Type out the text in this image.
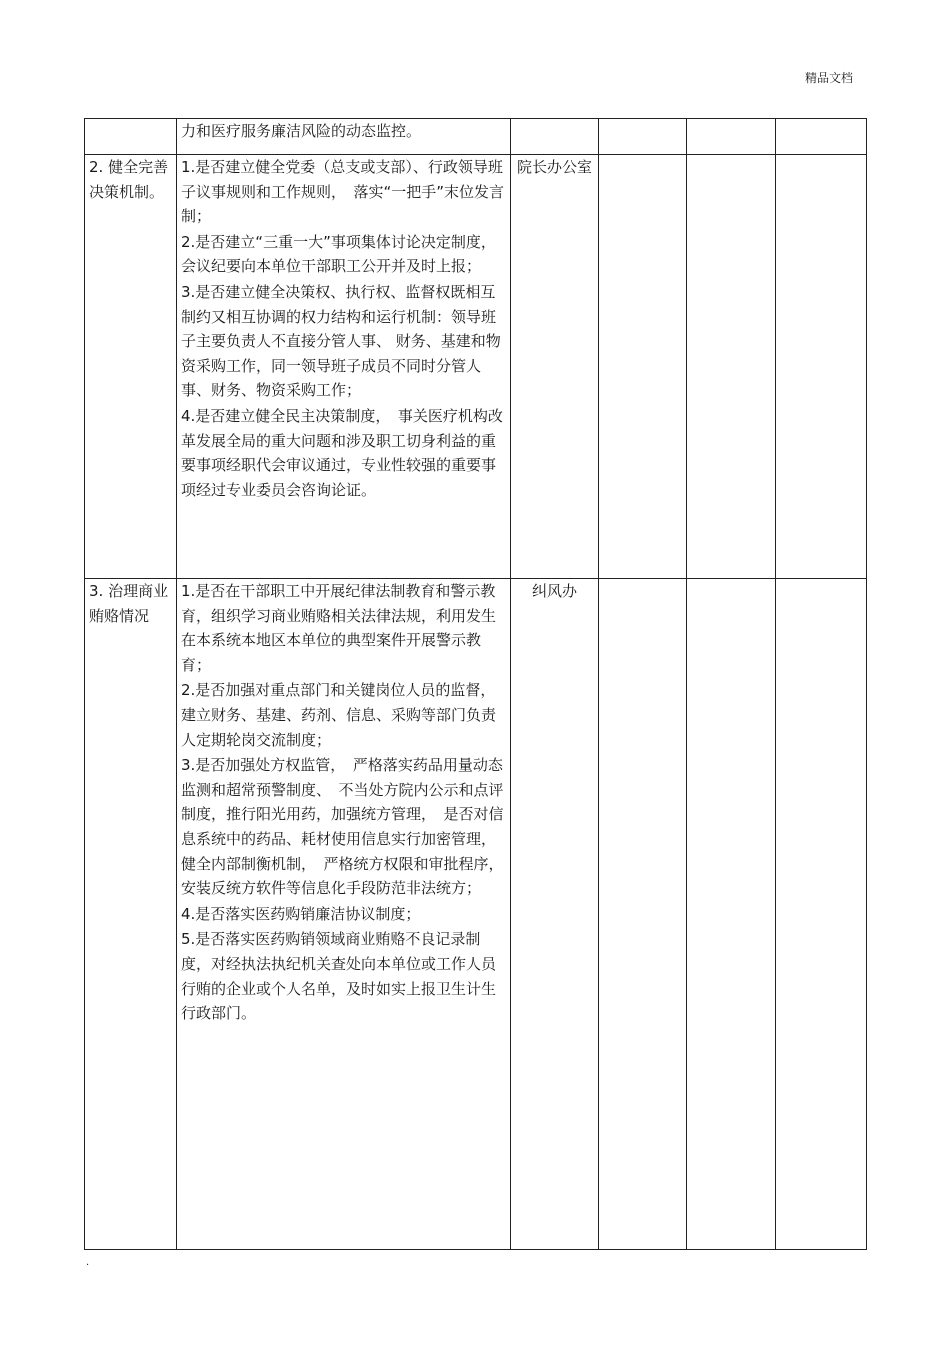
精品文档

	力和医疗服务廉洁风险的动态监控。				

2. 健全完善决策机制。	1.是否建立健全党委（总支或支部）、行政领导班子议事规则和工作规则，　落实“一把手”末位发言制；

2.是否建立“三重一大”事项集体讨论决定制度，会议纪要向本单位干部职工公开并及时上报；

3.是否建立健全决策权、执行权、监督权既相互制约又相互协调的权力结构和运行机制：领导班子主要负责人不直接分管人事、 财务、基建和物资采购工作，同一领导班子成员不同时分管人事、财务、物资采购工作；

4.是否建立健全民主决策制度，　事关医疗机构改革发展全局的重大问题和涉及职工切身利益的重要事项经职代会审议通过，专业性较强的重要事项经过专业委员会咨询论证。	院长办公室			
3. 治理商业贿赂情况	1.是否在干部职工中开展纪律法制教育和警示教育，组织学习商业贿赂相关法律法规，利用发生在本系统本地区本单位的典型案件开展警示教育；

2.是否加强对重点部门和关键岗位人员的监督，建立财务、基建、药剂、信息、采购等部门负责人定期轮岗交流制度；

3.是否加强处方权监管，　严格落实药品用量动态监测和超常预警制度、　不当处方院内公示和点评制度，推行阳光用药，加强统方管理，　是否对信息系统中的药品、耗材使用信息实行加密管理，健全内部制衡机制，　严格统方权限和审批程序，安装反统方软件等信息化手段防范非法统方；

4.是否落实医药购销廉洁协议制度；

5.是否落实医药购销领域商业贿赂不良记录制度，对经执法执纪机关查处向本单位或工作人员行贿的企业或个人名单，及时如实上报卫生计生行政部门。	纠风办			
.
